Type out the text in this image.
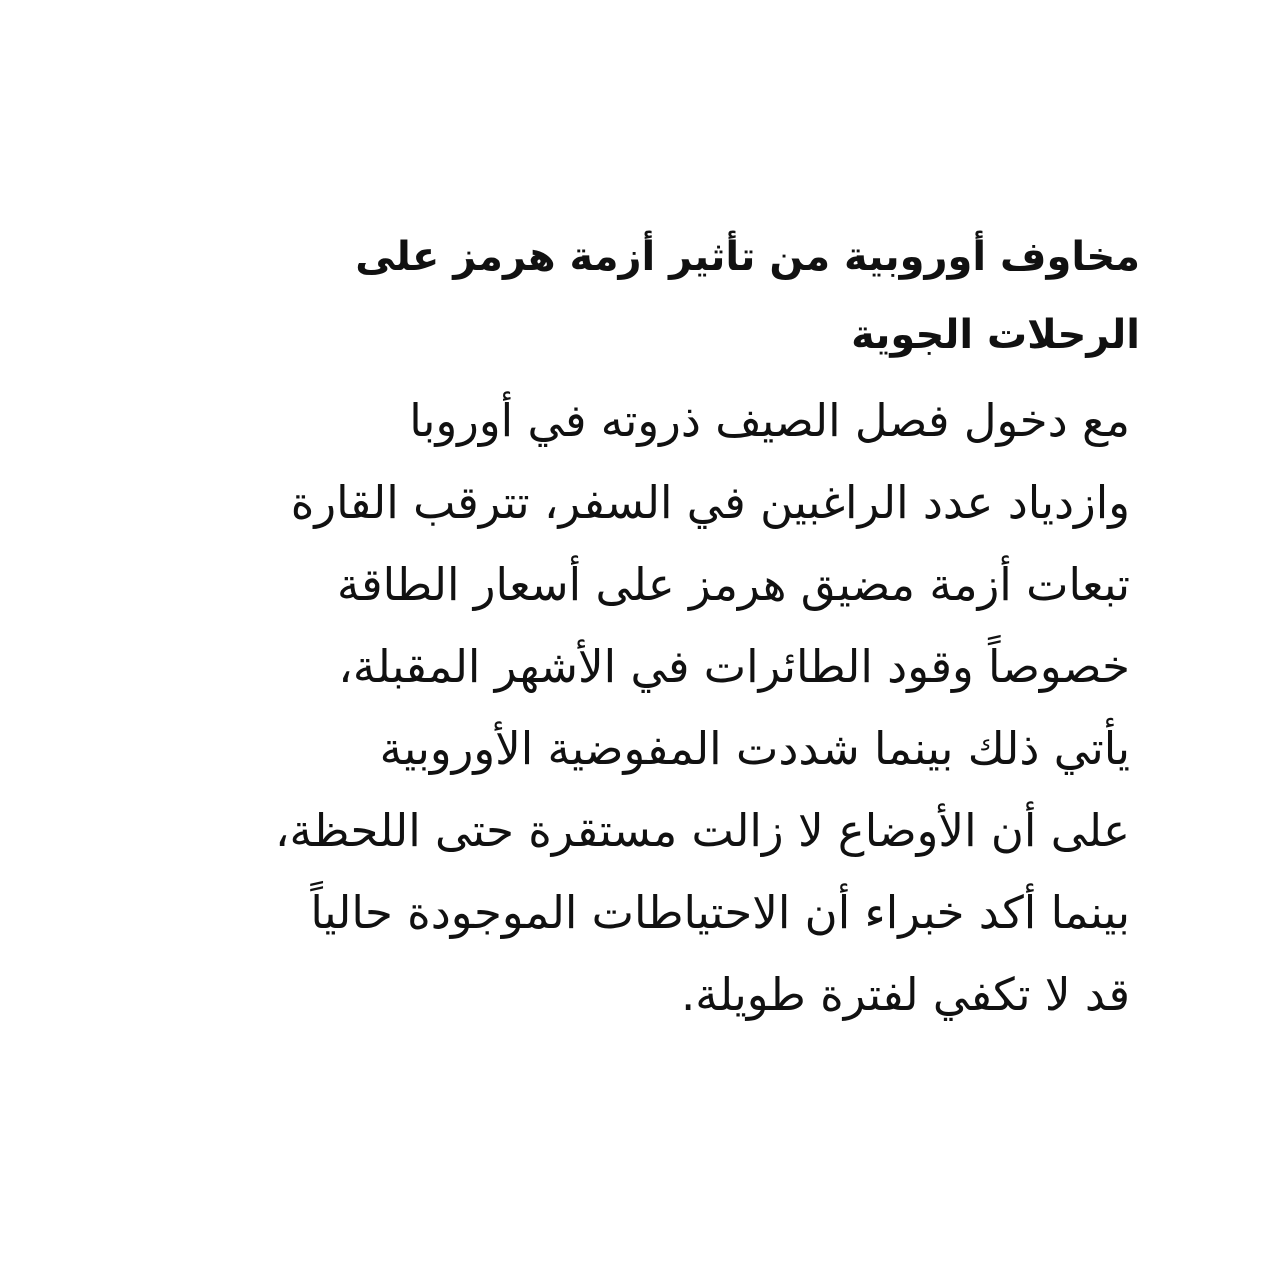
مخاوف أوروبية من تأثير أزمة هرمز على
الرحلات الجوية

مع دخول فصل الصيف ذروته في أوروبا
وازدياد عدد الراغبين في السفر، تترقب القارة
تبعات أزمة مضيق هرمز على أسعار الطاقة
خصوصاً وقود الطائرات في الأشهر المقبلة،
يأتي ذلك بينما شددت المفوضية الأوروبية
على أن الأوضاع لا زالت مستقرة حتى اللحظة،
بينما أكد خبراء أن الاحتياطات الموجودة حالياً
قد لا تكفي لفترة طويلة.
